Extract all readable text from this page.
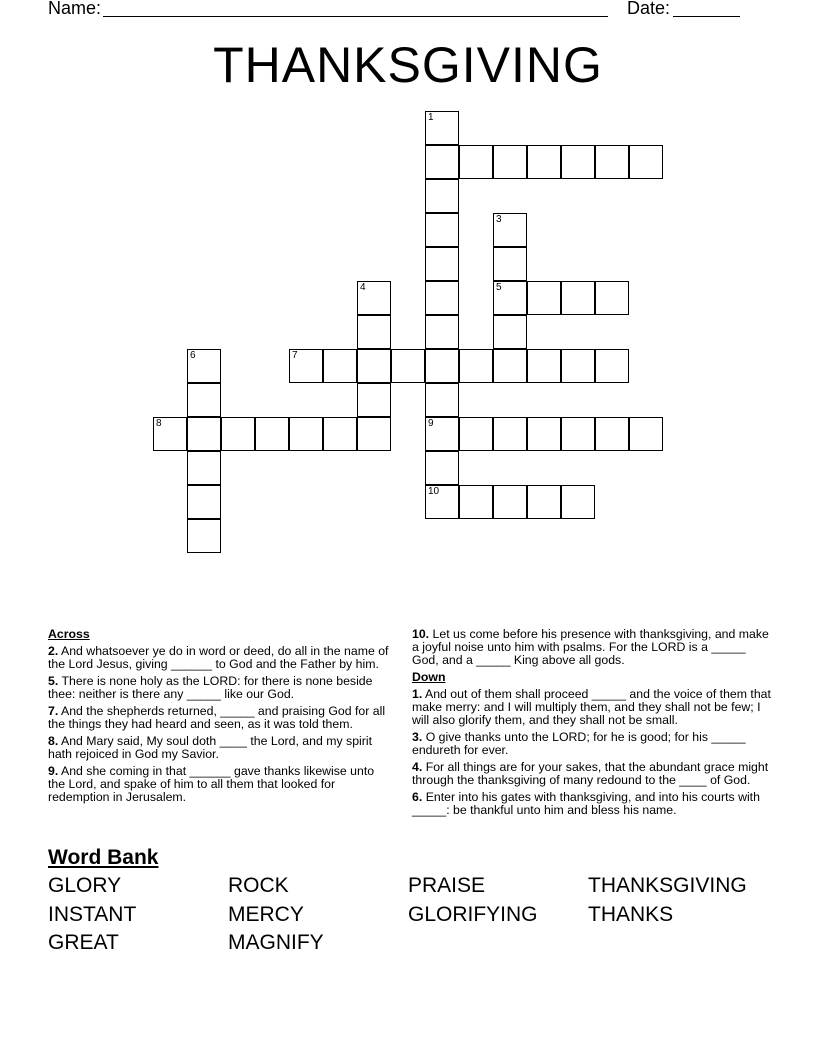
Name:	Date:
THANKSGIVING
5
7
8	9
10
1
3
4
6
Across
2. And whatsoever ye do in word or deed, do all in the name of the Lord Jesus, giving ______ to God and the Father by him.
5. There is none holy as the LORD: for there is none beside thee: neither is there any _____ like our God.
7. And the shepherds returned, _____ and praising God for all the things they had heard and seen, as it was told them.
8. And Mary said, My soul doth ____ the Lord, and my spirit hath rejoiced in God my Savior.
9. And she coming in that ______ gave thanks likewise unto the Lord, and spake of him to all them that looked for redemption in Jerusalem.
10. Let us come before his presence with thanksgiving, and make a joyful noise unto him with psalms. For the LORD is a _____ God, and a _____ King above all gods.
Down
1. And out of them shall proceed _____ and the voice of them that make merry: and I will multiply them, and they shall not be few; I will also glorify them, and they shall not be small.
3. O give thanks unto the LORD; for he is good; for his _____ endureth for ever.
4. For all things are for your sakes, that the abundant grace might through the thanksgiving of many redound to the ____ of God.
6. Enter into his gates with thanksgiving, and into his courts with _____: be thankful unto him and bless his name.
Word Bank
GLORY	ROCK	PRAISE	THANKSGIVING
INSTANT	MERCY	GLORIFYING THANKS
GREAT	MAGNIFY
